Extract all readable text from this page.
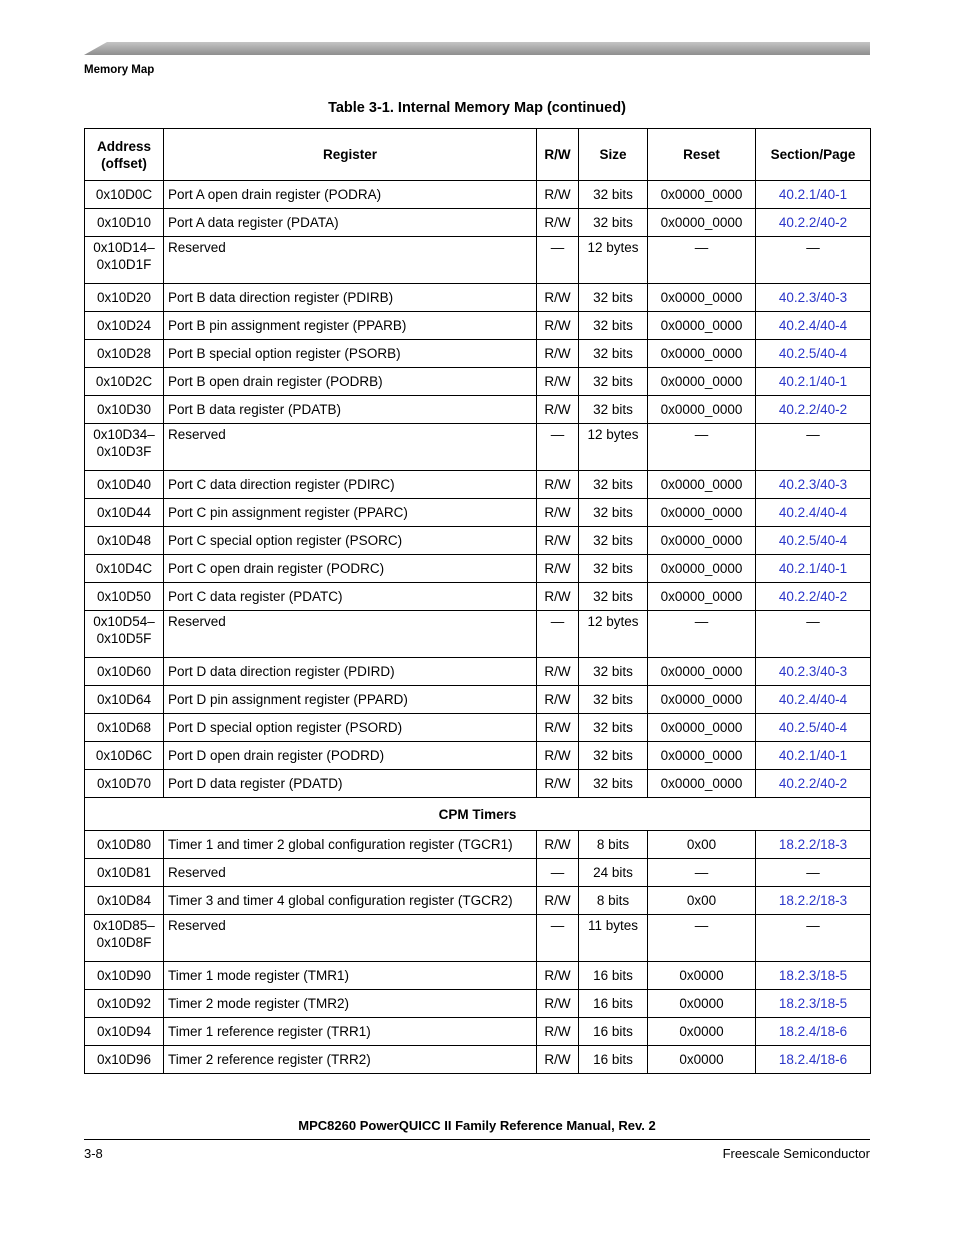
Memory Map
Table 3-1. Internal Memory Map (continued)
Address (offset)	Register	R/W	Size	Reset	Section/Page
0x10D0C	Port A open drain register (PODRA)	R/W	32 bits	0x0000_0000	40.2.1/40-1
0x10D10	Port A data register (PDATA)	R/W	32 bits	0x0000_0000	40.2.2/40-2
0x10D14–
0x10D1F	Reserved	—	12 bytes	—	—
0x10D20	Port B data direction register (PDIRB)	R/W	32 bits	0x0000_0000	40.2.3/40-3
0x10D24	Port B pin assignment register (PPARB)	R/W	32 bits	0x0000_0000	40.2.4/40-4
0x10D28	Port B special option register (PSORB)	R/W	32 bits	0x0000_0000	40.2.5/40-4
0x10D2C	Port B open drain register (PODRB)	R/W	32 bits	0x0000_0000	40.2.1/40-1
0x10D30	Port B data register (PDATB)	R/W	32 bits	0x0000_0000	40.2.2/40-2
0x10D34–
0x10D3F	Reserved	—	12 bytes	—	—
0x10D40	Port C data direction register (PDIRC)	R/W	32 bits	0x0000_0000	40.2.3/40-3
0x10D44	Port C pin assignment register (PPARC)	R/W	32 bits	0x0000_0000	40.2.4/40-4
0x10D48	Port C special option register (PSORC)	R/W	32 bits	0x0000_0000	40.2.5/40-4
0x10D4C	Port C open drain register (PODRC)	R/W	32 bits	0x0000_0000	40.2.1/40-1
0x10D50	Port C data register (PDATC)	R/W	32 bits	0x0000_0000	40.2.2/40-2
0x10D54–
0x10D5F	Reserved	—	12 bytes	—	—
0x10D60	Port D data direction register (PDIRD)	R/W	32 bits	0x0000_0000	40.2.3/40-3
0x10D64	Port D pin assignment register (PPARD)	R/W	32 bits	0x0000_0000	40.2.4/40-4
0x10D68	Port D special option register (PSORD)	R/W	32 bits	0x0000_0000	40.2.5/40-4
0x10D6C	Port D open drain register (PODRD)	R/W	32 bits	0x0000_0000	40.2.1/40-1
0x10D70	Port D data register (PDATD)	R/W	32 bits	0x0000_0000	40.2.2/40-2
CPM Timers					
0x10D80	Timer 1 and timer 2 global configuration register (TGCR1)	R/W	8 bits	0x00	18.2.2/18-3
0x10D81	Reserved	—	24 bits	—	—
0x10D84	Timer 3 and timer 4 global configuration register (TGCR2)	R/W	8 bits	0x00	18.2.2/18-3
0x10D85–
0x10D8F	Reserved	—	11 bytes	—	—
0x10D90	Timer 1 mode register (TMR1)	R/W	16 bits	0x0000	18.2.3/18-5
0x10D92	Timer 2 mode register (TMR2)	R/W	16 bits	0x0000	18.2.3/18-5
0x10D94	Timer 1 reference register (TRR1)	R/W	16 bits	0x0000	18.2.4/18-6
0x10D96	Timer 2 reference register (TRR2)	R/W	16 bits	0x0000	18.2.4/18-6
MPC8260 PowerQUICC II Family Reference Manual, Rev. 2
3-8	Freescale Semiconductor
